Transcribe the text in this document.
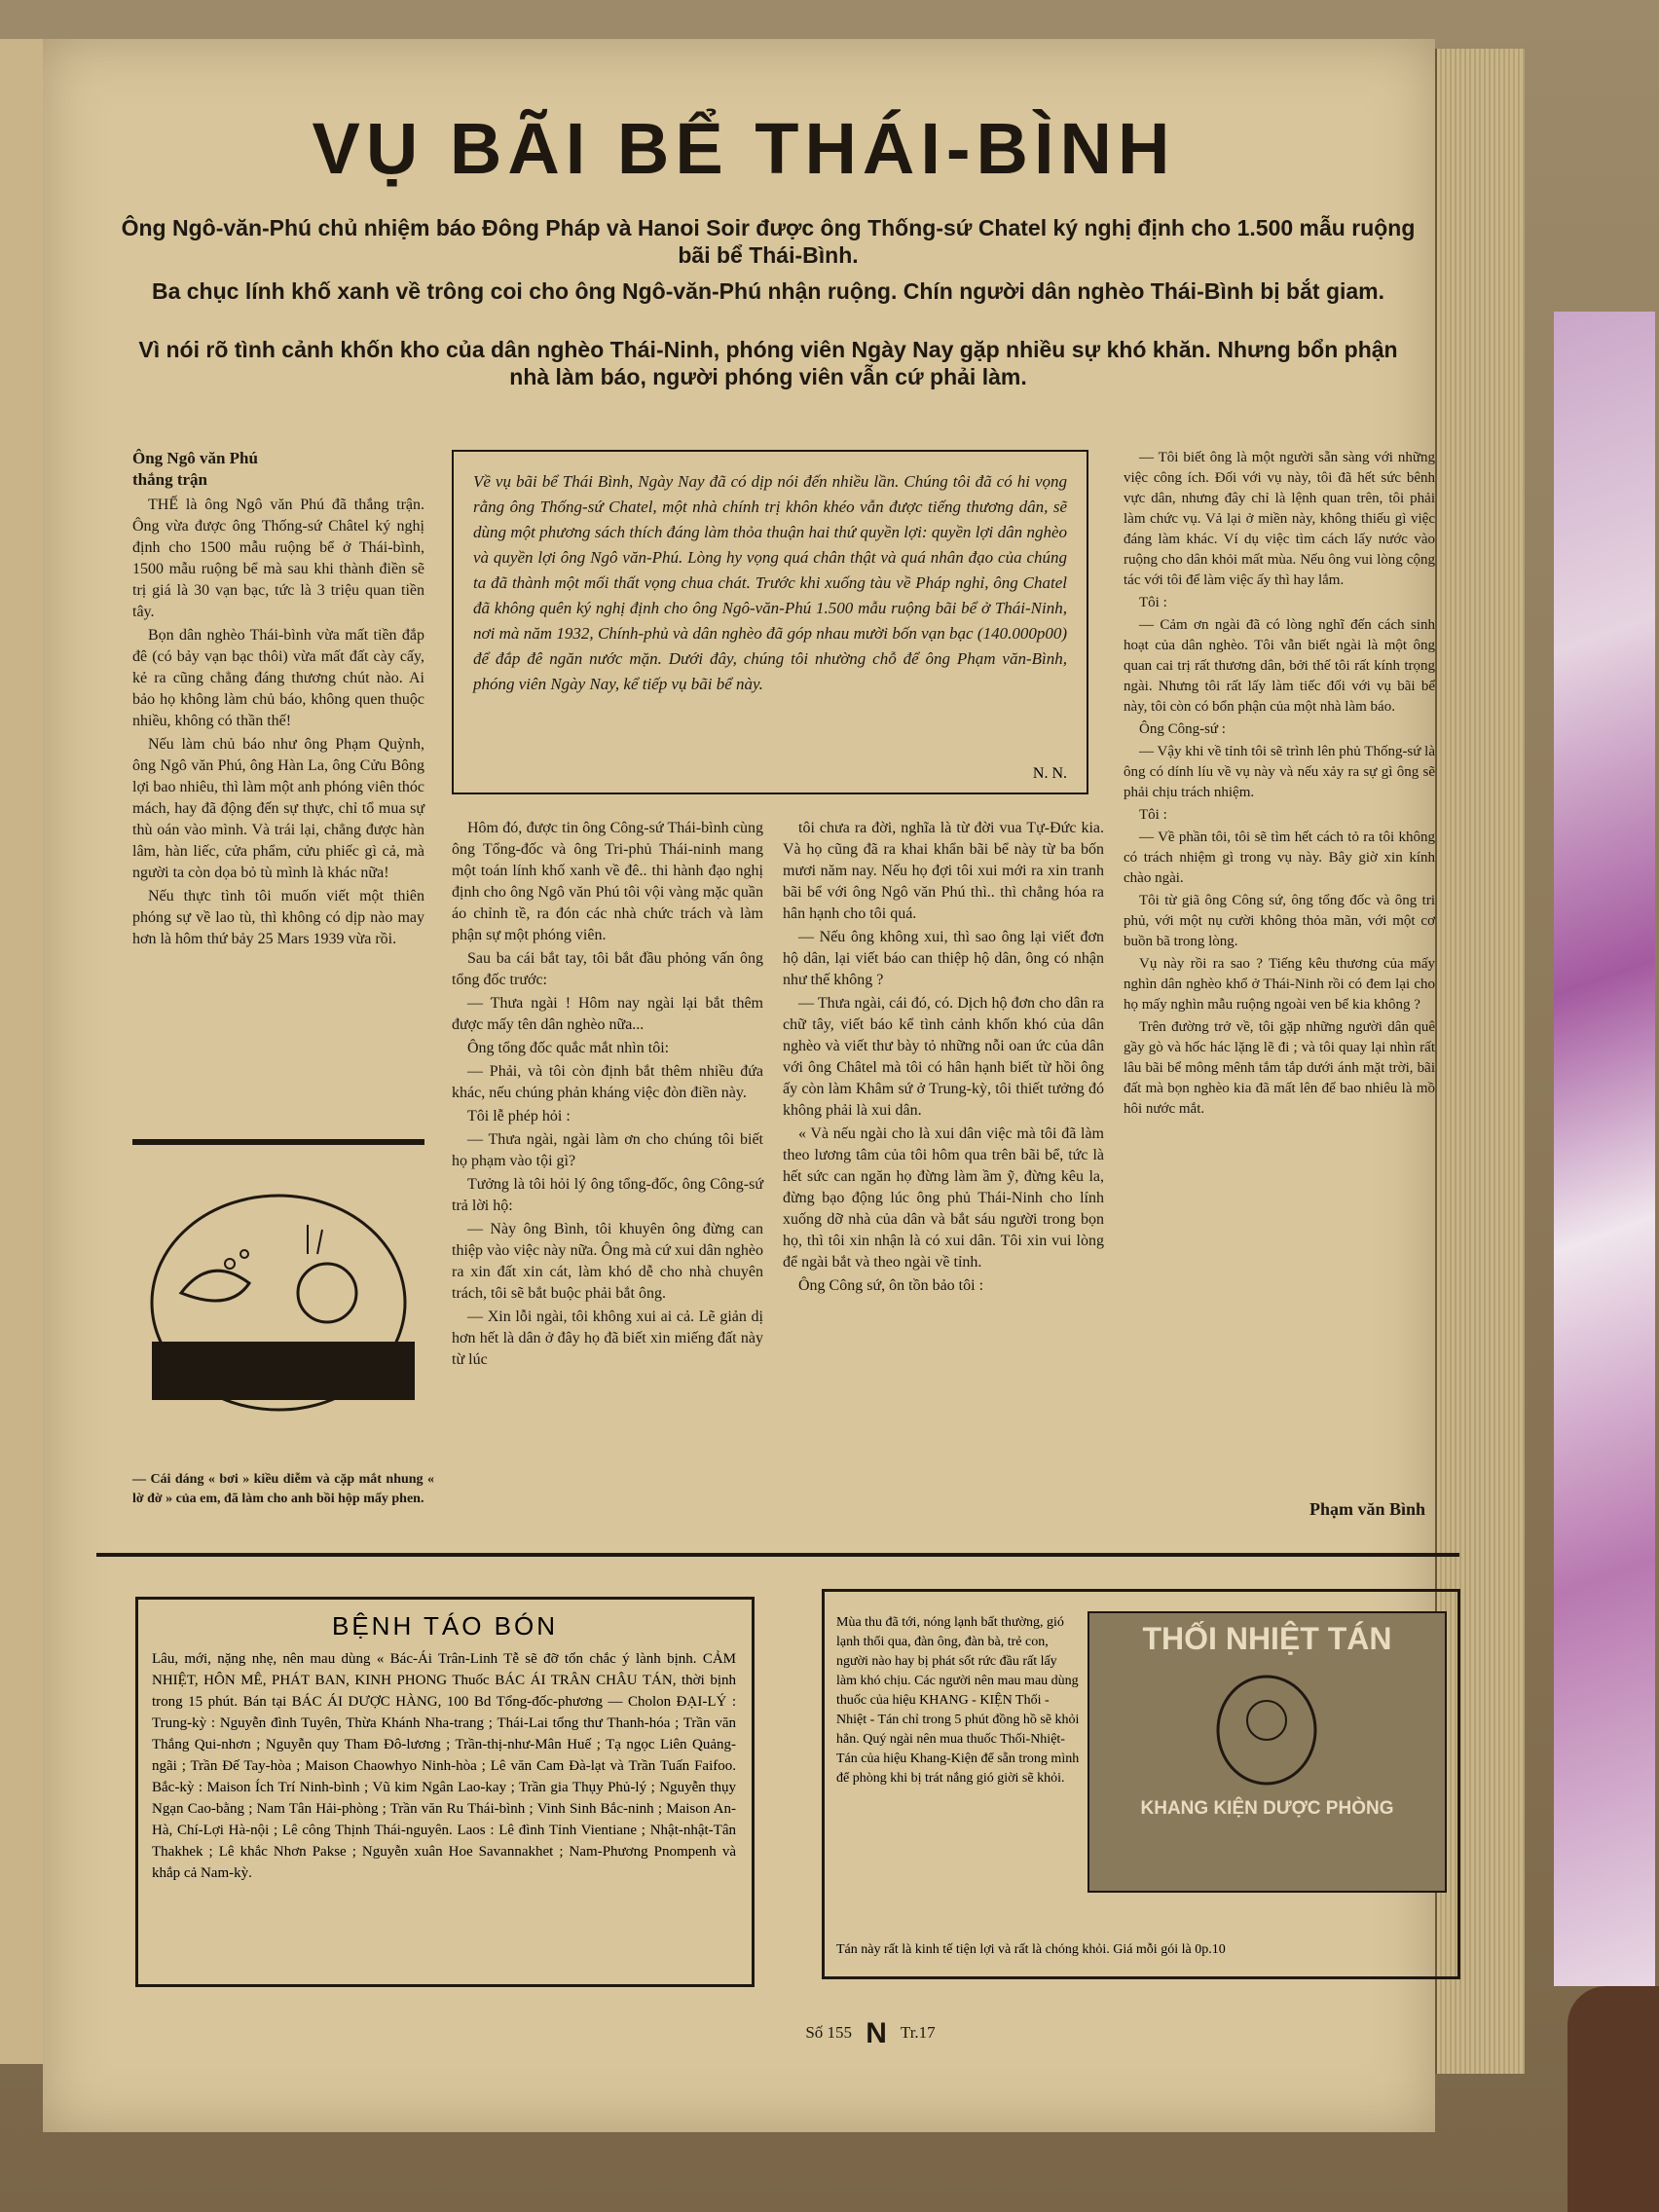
VỤ BÃI BỂ THÁI-BÌNH
Ông Ngô-văn-Phú chủ nhiệm báo Đông Pháp và Hanoi Soir được ông Thống-sứ Chatel ký nghị định cho 1.500 mẫu ruộng bãi bể Thái-Bình.
Ba chục lính khố xanh về trông coi cho ông Ngô-văn-Phú nhận ruộng. Chín người dân nghèo Thái-Bình bị bắt giam.
Vì nói rõ tình cảnh khốn kho của dân nghèo Thái-Ninh, phóng viên Ngày Nay gặp nhiều sự khó khăn. Nhưng bổn phận nhà làm báo, người phóng viên vẫn cứ phải làm.
Ông Ngô văn Phú thắng trận

THẾ là ông Ngô văn Phú đã thắng trận. Ông vừa được ông Thống-sứ Châtel ký nghị định cho 1500 mẫu ruộng bể ở Thái-bình, 1500 mẫu ruộng bể mà sau khi thành điền sẽ trị giá là 30 vạn bạc, tức là 3 triệu quan tiền tây.

Bọn dân nghèo Thái-bình vừa mất tiền đắp đê (có bảy vạn bạc thôi) vừa mất đất cày cấy, kẻ ra cũng chẳng đáng thương chút nào. Ai bảo họ không làm chủ báo, không quen thuộc nhiều, không có thần thế!

Nếu làm chủ báo như ông Phạm Quỳnh, ông Ngô văn Phú, ông Hàn La, ông Cửu Bông lợi bao nhiêu, thì làm một anh phóng viên thóc mách, hay đã động đến sự thực, chỉ tổ mua sự thù oán vào mình. Và trái lại, chẳng được hàn lâm, hàn liếc, cửa phẩm, cửu phiếc gì cả, mà người ta còn dọa bỏ tù mình là khác nữa!

Nếu thực tình tôi muốn viết một thiên phóng sự về lao tù, thì không có dịp nào may hơn là hôm thứ bảy 25 Mars 1939 vừa rồi.

— Cái dáng « bơi » kiều diễm và cặp mắt nhung « lờ đờ » của em, đã làm cho anh bồi hộp mấy phen.
Về vụ bãi bể Thái Bình, Ngày Nay đã có dịp nói đến nhiều lần. Chúng tôi đã có hi vọng rằng ông Thống-sứ Chatel, một nhà chính trị khôn khéo vẫn được tiếng thương dân, sẽ dùng một phương sách thích đáng làm thỏa thuận hai thứ quyền lợi: quyền lợi dân nghèo và quyền lợi ông Ngô văn-Phú. Lòng hy vọng quá chân thật và quá nhân đạo của chúng ta đã thành một mối thất vọng chua chát. Trước khi xuống tàu về Pháp nghỉ, ông Chatel đã không quên ký nghị định cho ông Ngô-văn-Phú 1.500 mẫu ruộng bãi bể ở Thái-Ninh, nơi mà năm 1932, Chính-phủ và dân nghèo đã góp nhau mười bốn vạn bạc (140.000p00) để đắp đê ngăn nước mặn. Dưới đây, chúng tôi nhường chỗ để ông Phạm văn-Bình, phóng viên Ngày Nay, kể tiếp vụ bãi bể này.
N. N.

Hôm đó, được tin ông Công-sứ Thái-bình cùng ông Tổng-đốc và ông Tri-phủ Thái-ninh mang một toán lính khố xanh về đê.. thi hành đạo nghị định cho ông Ngô văn Phú tôi vội vàng mặc quần áo chỉnh tề, ra đón các nhà chức trách và làm phận sự một phóng viên.

Sau ba cái bắt tay, tôi bắt đầu phỏng vấn ông tổng đốc trước:

— Thưa ngài ! Hôm nay ngài lại bắt thêm được mấy tên dân nghèo nữa...

Ông tổng đốc quắc mắt nhìn tôi:

— Phải, và tôi còn định bắt thêm nhiều đứa khác, nếu chúng phản kháng việc đòn điền này.

Tôi lễ phép hỏi :

— Thưa ngài, ngài làm ơn cho chúng tôi biết họ phạm vào tội gì?

Tưởng là tôi hỏi lý ông tổng-đốc, ông Công-sứ trả lời hộ:

— Này ông Bình, tôi khuyên ông đừng can thiệp vào việc này nữa. Ông mà cứ xui dân nghèo ra xin đất xin cát, làm khó dễ cho nhà chuyên trách, tôi sẽ bắt buộc phải bắt ông.

— Xin lỗi ngài, tôi không xui ai cả. Lẽ giản dị hơn hết là dân ở đây họ đã biết xin miếng đất này từ lúc

tôi chưa ra đời, nghĩa là từ đời vua Tự-Đức kia. Và họ cũng đã ra khai khẩn bãi bể này từ ba bốn mươi năm nay. Nếu họ đợi tôi xui mới ra xin tranh bãi bể với ông Ngô văn Phú thì.. thì chẳng hóa ra hân hạnh cho tôi quá.

— Nếu ông không xui, thì sao ông lại viết đơn hộ dân, lại viết báo can thiệp hộ dân, ông có nhận như thế không ?

— Thưa ngài, cái đó, có. Dịch hộ đơn cho dân ra chữ tây, viết báo kể tình cảnh khốn khó của dân nghèo và viết thư bày tỏ những nỗi oan ức của dân với ông Châtel mà tôi có hân hạnh biết từ hồi ông ấy còn làm Khâm sứ ở Trung-kỳ, tôi thiết tưởng đó không phải là xui dân.

« Và nếu ngài cho là xui dân việc mà tôi đã làm theo lương tâm của tôi hôm qua trên bãi bể, tức là hết sức can ngăn họ đừng làm ầm ỹ, đừng kêu la, đừng bạo động lúc ông phủ Thái-Ninh cho lính xuống dỡ nhà của dân và bắt sáu người trong bọn họ, thì tôi xin nhận là có xui dân. Tôi xin vui lòng để ngài bắt và theo ngài về tỉnh.

Ông Công sứ, ôn tồn bảo tôi :

— Tôi biết ông là một người sẵn sàng với những việc công ích. Đối với vụ này, tôi đã hết sức bênh vực dân, nhưng đây chỉ là lệnh quan trên, tôi phải làm chức vụ. Vả lại ở miền này, không thiếu gì việc đáng làm khác. Ví dụ việc tìm cách lấy nước vào ruộng cho dân khỏi mất mùa. Nếu ông vui lòng cộng tác với tôi để làm việc ấy thì hay lắm.

Tôi :

— Cảm ơn ngài đã có lòng nghĩ đến cách sinh hoạt của dân nghèo. Tôi vẫn biết ngài là một ông quan cai trị rất thương dân, bởi thế tôi rất kính trọng ngài. Nhưng tôi rất lấy làm tiếc đối với vụ bãi bể này, tôi còn có bổn phận của một nhà làm báo.

Ông Công-sứ :

— Vậy khi về tỉnh tôi sẽ trình lên phủ Thống-sứ là ông có dính líu về vụ này và nếu xảy ra sự gì ông sẽ phải chịu trách nhiệm.

Tôi :

— Về phần tôi, tôi sẽ tìm hết cách tỏ ra tôi không có trách nhiệm gì trong vụ này. Bây giờ xin kính chào ngài.

Tôi từ giã ông Công sứ, ông tổng đốc và ông tri phủ, với một nụ cười không thỏa mãn, với một cơ buồn bã trong lòng.

Vụ này rồi ra sao ? Tiếng kêu thương của mấy nghìn dân nghèo khổ ở Thái-Ninh rồi có đem lại cho họ mấy nghìn mẫu ruộng ngoài ven bể kia không ?

Trên đường trở về, tôi gặp những người dân quê gầy gò và hốc hác lặng lẽ đi ; và tôi quay lại nhìn rất lâu bãi bể mông mênh tắm tắp dưới ánh mặt trời, bãi đất mà bọn nghèo kia đã mất lên để bao nhiêu là mồ hôi nước mắt.

Phạm văn Bình
BỆNH TÁO BÓN
Lâu, mới, nặng nhẹ, nên mau dùng « Bác-Ái Trân-Linh Tễ sẽ đỡ tổn chắc ý lành bịnh. CẢM NHIỆT, HÔN MÊ, PHÁT BAN, KINH PHONG Thuốc BÁC ÁI TRÂN CHÂU TÁN, thời bịnh trong 15 phút. Bán tại BÁC ÁI DƯỢC HÀNG, 100 Bd Tổng-đốc-phương — Cholon ĐẠI-LÝ : Trung-kỳ : Nguyễn đình Tuyên, Thừa Khánh Nha-trang ; Thái-Lai tổng thư Thanh-hóa ; Trần văn Thắng Qui-nhơn ; Nguyễn quy Tham Đô-lương ; Trần-thị-như-Mân Huế ; Tạ ngọc Liên Quảng-ngãi ; Trần Đế Tay-hòa ; Maison Chaowhyo Ninh-hòa ; Lê văn Cam Đà-lạt và Trần Tuấn Faifoo. Bắc-kỳ : Maison Ích Trí Ninh-bình ; Vũ kim Ngân Lao-kay ; Trần gia Thụy Phủ-lý ; Nguyễn thụy Ngạn Cao-bằng ; Nam Tân Hải-phòng ; Trần văn Ru Thái-bình ; Vinh Sinh Bắc-ninh ; Maison An-Hà, Chí-Lợi Hà-nội ; Lê công Thịnh Thái-nguyên. Laos : Lê đình Tỉnh Vientiane ; Nhật-nhật-Tân Thakhek ; Lê khắc Nhơn Pakse ; Nguyễn xuân Hoe Savannakhet ; Nam-Phương Pnompenh và khắp cả Nam-kỳ.
Mùa thu đã tới, nóng lạnh bất thường, gió lạnh thổi qua, đàn ông, đàn bà, trẻ con, người nào hay bị phát sốt rức đầu rất lấy làm khó chịu. Các người nên mau mau dùng thuốc của hiệu KHANG - KIỆN Thối - Nhiệt - Tán chỉ trong 5 phút đồng hồ sẽ khỏi hẳn. Quý ngài nên mua thuốc Thối-Nhiệt-Tán của hiệu Khang-Kiện để sẵn trong mình để phòng khi bị trát nắng gió giời sẽ khỏi.
THỐI NHIỆT TÁN
KHANG KIỆN DƯỢC PHÒNG
Tán này rất là kinh tế tiện lợi và rất là chóng khỏi. Giá mỗi gói là 0p.10
Số 155 N Tr.17
